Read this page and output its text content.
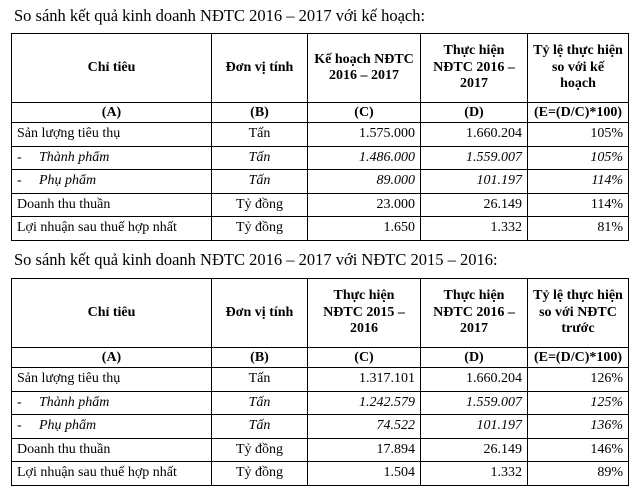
So sánh kết quả kinh doanh NĐTC 2016 – 2017 với kế hoạch:
Chỉ tiêu	Đơn vị tính	Kế hoạch NĐTC 2016 – 2017	Thực hiện NĐTC 2016 – 2017	Tỷ lệ thực hiện so với kế hoạch
(A)	(B)	(C)	(D)	(E=(D/C)*100)
Sản lượng tiêu thụ	Tấn	1.575.000	1.660.204	105%
- Thành phẩm	Tấn	1.486.000	1.559.007	105%
- Phụ phẩm	Tấn	89.000	101.197	114%
Doanh thu thuần	Tỷ đồng	23.000	26.149	114%
Lợi nhuận sau thuế hợp nhất	Tỷ đồng	1.650	1.332	81%
So sánh kết quả kinh doanh NĐTC 2016 – 2017 với NĐTC 2015 – 2016:
Chỉ tiêu	Đơn vị tính	Thực hiện NĐTC 2015 – 2016	Thực hiện NĐTC 2016 – 2017	Tỷ lệ thực hiện so với NĐTC trước
(A)	(B)	(C)	(D)	(E=(D/C)*100)
Sản lượng tiêu thụ	Tấn	1.317.101	1.660.204	126%
- Thành phẩm	Tấn	1.242.579	1.559.007	125%
- Phụ phẩm	Tấn	74.522	101.197	136%
Doanh thu thuần	Tỷ đồng	17.894	26.149	146%
Lợi nhuận sau thuế hợp nhất	Tỷ đồng	1.504	1.332	89%
